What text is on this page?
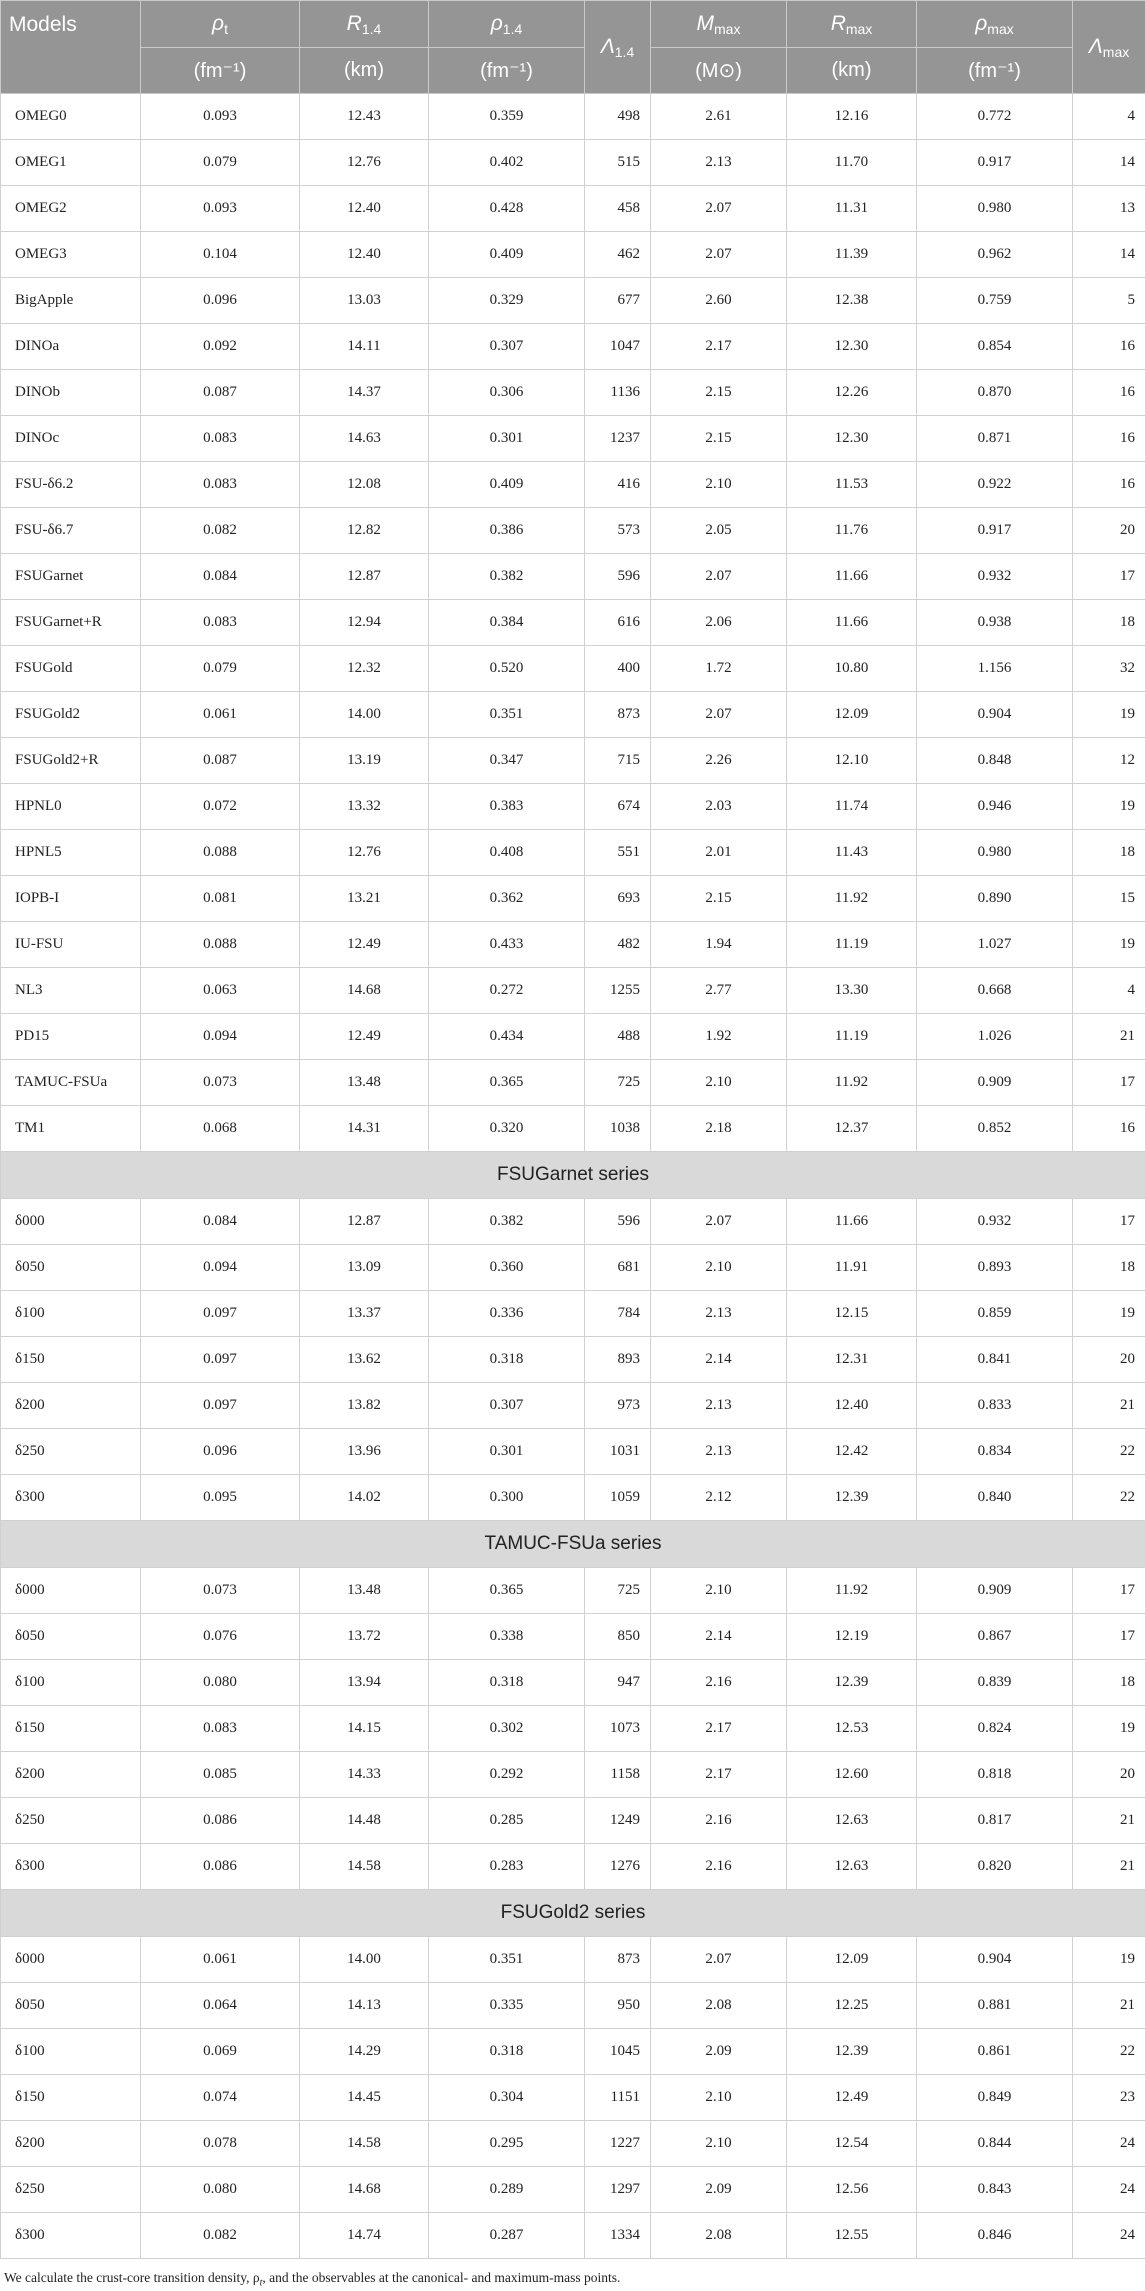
Models	$\rho_t$	$R_{1.4}$	$\rho_{1.4}$	$\Lambda_{1.4}$	$M_{max}$	$R_{max}$	$\rho_{max}$	$\Lambda_{max}$
	(fm⁻¹)	(km)	(fm⁻¹)		(M⊙)	(km)	(fm⁻¹)	
OMEG0	0.093	12.43	0.359	498	2.61	12.16	0.772	4
OMEG1	0.079	12.76	0.402	515	2.13	11.70	0.917	14
OMEG2	0.093	12.40	0.428	458	2.07	11.31	0.980	13
OMEG3	0.104	12.40	0.409	462	2.07	11.39	0.962	14
BigApple	0.096	13.03	0.329	677	2.60	12.38	0.759	5
DINOa	0.092	14.11	0.307	1047	2.17	12.30	0.854	16
DINOb	0.087	14.37	0.306	1136	2.15	12.26	0.870	16
DINOc	0.083	14.63	0.301	1237	2.15	12.30	0.871	16
FSU-δ6.2	0.083	12.08	0.409	416	2.10	11.53	0.922	16
FSU-δ6.7	0.082	12.82	0.386	573	2.05	11.76	0.917	20
FSUGarnet	0.084	12.87	0.382	596	2.07	11.66	0.932	17
FSUGarnet+R	0.083	12.94	0.384	616	2.06	11.66	0.938	18
FSUGold	0.079	12.32	0.520	400	1.72	10.80	1.156	32
FSUGold2	0.061	14.00	0.351	873	2.07	12.09	0.904	19
FSUGold2+R	0.087	13.19	0.347	715	2.26	12.10	0.848	12
HPNL0	0.072	13.32	0.383	674	2.03	11.74	0.946	19
HPNL5	0.088	12.76	0.408	551	2.01	11.43	0.980	18
IOPB-I	0.081	13.21	0.362	693	2.15	11.92	0.890	15
IU-FSU	0.088	12.49	0.433	482	1.94	11.19	1.027	19
NL3	0.063	14.68	0.272	1255	2.77	13.30	0.668	4
PD15	0.094	12.49	0.434	488	1.92	11.19	1.026	21
TAMUC-FSUa	0.073	13.48	0.365	725	2.10	11.92	0.909	17
TM1	0.068	14.31	0.320	1038	2.18	12.37	0.852	16
FSUGarnet series								
δ000	0.084	12.87	0.382	596	2.07	11.66	0.932	17
δ050	0.094	13.09	0.360	681	2.10	11.91	0.893	18
δ100	0.097	13.37	0.336	784	2.13	12.15	0.859	19
δ150	0.097	13.62	0.318	893	2.14	12.31	0.841	20
δ200	0.097	13.82	0.307	973	2.13	12.40	0.833	21
δ250	0.096	13.96	0.301	1031	2.13	12.42	0.834	22
δ300	0.095	14.02	0.300	1059	2.12	12.39	0.840	22
TAMUC-FSUa series								
δ000	0.073	13.48	0.365	725	2.10	11.92	0.909	17
δ050	0.076	13.72	0.338	850	2.14	12.19	0.867	17
δ100	0.080	13.94	0.318	947	2.16	12.39	0.839	18
δ150	0.083	14.15	0.302	1073	2.17	12.53	0.824	19
δ200	0.085	14.33	0.292	1158	2.17	12.60	0.818	20
δ250	0.086	14.48	0.285	1249	2.16	12.63	0.817	21
δ300	0.086	14.58	0.283	1276	2.16	12.63	0.820	21
FSUGold2 series								
δ000	0.061	14.00	0.351	873	2.07	12.09	0.904	19
δ050	0.064	14.13	0.335	950	2.08	12.25	0.881	21
δ100	0.069	14.29	0.318	1045	2.09	12.39	0.861	22
δ150	0.074	14.45	0.304	1151	2.10	12.49	0.849	23
δ200	0.078	14.58	0.295	1227	2.10	12.54	0.844	24
δ250	0.080	14.68	0.289	1297	2.09	12.56	0.843	24
δ300	0.082	14.74	0.287	1334	2.08	12.55	0.846	24
We calculate the crust-core transition density, $\rho_t$, and the observables at the canonical- and maximum-mass points.
